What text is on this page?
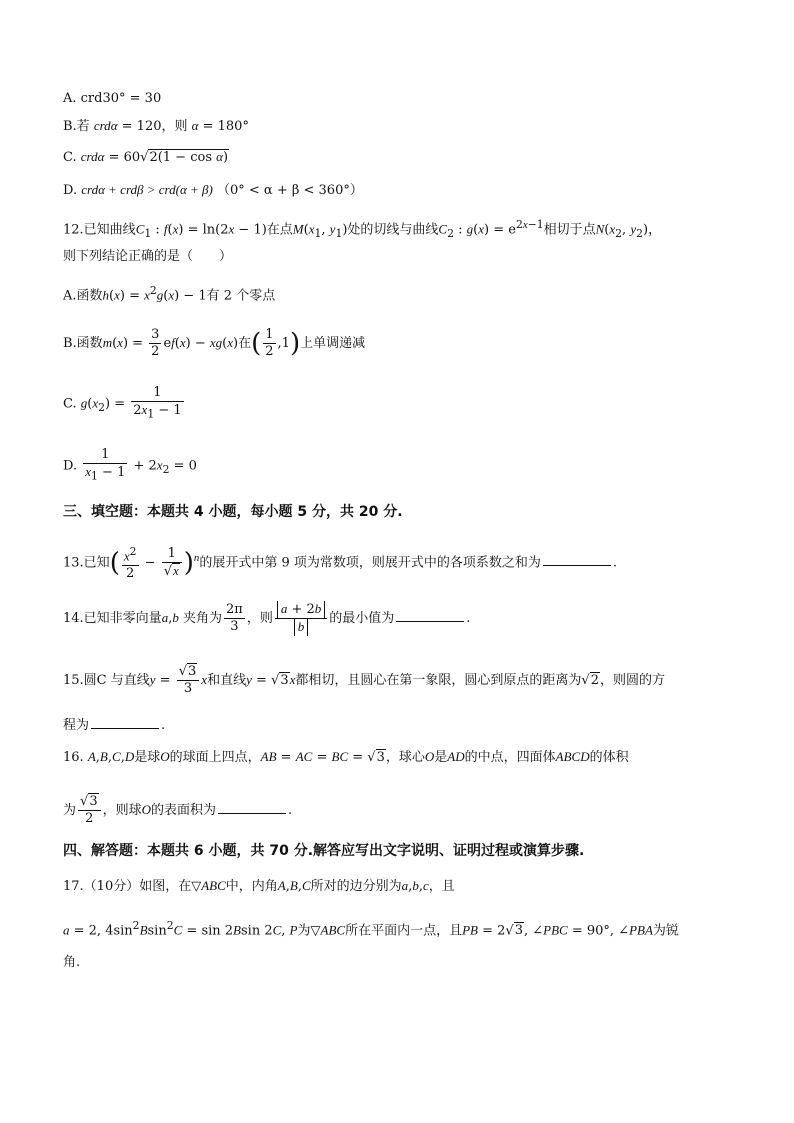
A. crd30° = 30
B.若 crdα = 120，则 α = 180°
C. crdα = 60√2(1 − cos α)
D. crdα + crdβ > crd(α + β) （0° < α + β < 360°）
12.已知曲线$C_1$ : f(x) = ln(2x − 1)在点$M(x_1$, $y_1$)处的切线与曲线$C_2$ : $g(x) = e^{2x-1}$相切于点$N(x_2$, $y_2$)，
则下列结论正确的是（　　）
A.函数$h(x) = x^2g(x) - 1$有 2 个零点
B.函数$m(x) = \frac{3}{2} ef(x) - xg(x)$在( $\frac{1}{2} ,1$)上单调递减
C. $g(x_2) = \frac{1}{2x_1 - 1}$
D. $\frac{1}{x_1 - 1} + 2x_2 = 0$
三、填空题：本题共 4 小题，每小题 5 分，共 20 分.
13.已知( $\frac{x^2}{2} - \frac{1}{√x} )^n$的展开式中第 9 项为常数项，则展开式中的各项系数之和为	.
14.已知非零向量a,b 夹角为 $\frac{2\pi}{3}$ ，则 $\frac{a + 2b}{b}$ 的最小值为	.
15.圆C 与直线$y = \frac{√3}{3}$ x和直线y = √3x都相切，且圆心在第一象限，圆心到原点的距离为√2，则圆的方
程为	.
16. A,B,C,D是球O的球面上四点，AB = AC = BC = √3，球心O是AD的中点，四面体ABCD的体积
为 $\frac{√3}{2}$ ，则球O的表面积为	.
四、解答题：本题共 6 小题，共 70 分.解答应写出文字说明、证明过程或演算步骤.
17.（10分）如图，在▽ABC中，内角A,B,C所对的边分别为a,b,c，且
a = 2, $4\sin^2Bsin^2C = \sin 2Bsin$ 2C, P为▽ABC所在平面内一点，且PB = 2√3, ∠PBC = 90°, ∠PBA为锐
角.
